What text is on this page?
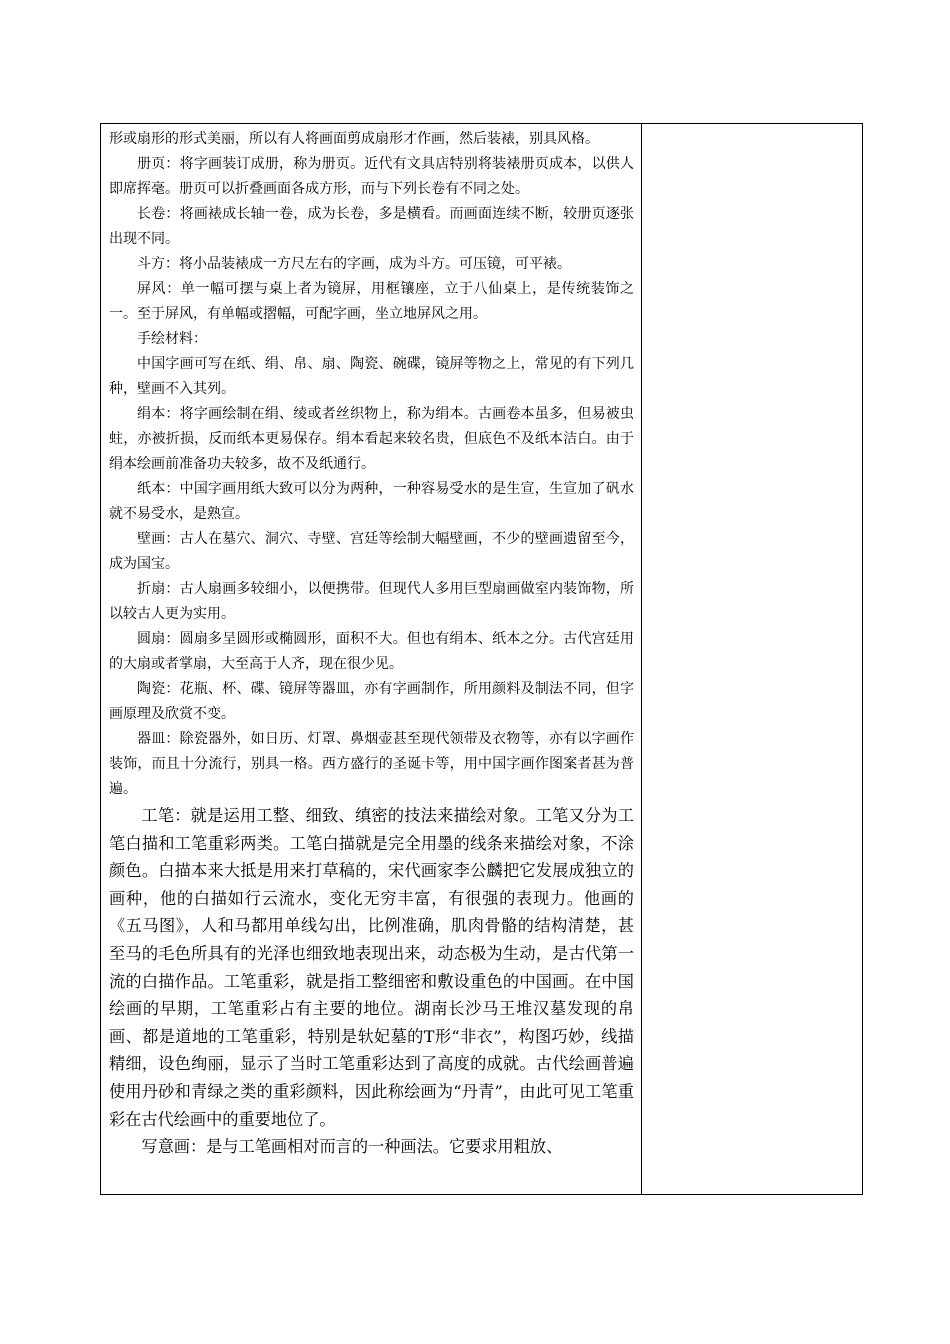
形或扇形的形式美丽，所以有人将画面剪成扇形才作画，然后装裱，别具风格。

册页：将字画装订成册，称为册页。近代有文具店特别将装裱册页成本，以供人即席挥毫。册页可以折叠画面各成方形，而与下列长卷有不同之处。

长卷：将画裱成长轴一卷，成为长卷，多是横看。而画面连续不断，较册页逐张出现不同。

斗方：将小品装裱成一方尺左右的字画，成为斗方。可压镜，可平裱。

屏风：单一幅可摆与桌上者为镜屏，用框镶座，立于八仙桌上，是传统装饰之一。至于屏风，有单幅或摺幅，可配字画，坐立地屏风之用。

手绘材料：

中国字画可写在纸、绢、帛、扇、陶瓷、碗碟，镜屏等物之上，常见的有下列几种，壁画不入其列。

绢本：将字画绘制在绢、绫或者丝织物上，称为绢本。古画卷本虽多，但易被虫蛀，亦被折损，反而纸本更易保存。绢本看起来较名贵，但底色不及纸本洁白。由于绢本绘画前准备功夫较多，故不及纸通行。

纸本：中国字画用纸大致可以分为两种，一种容易受水的是生宣，生宣加了矾水就不易受水，是熟宣。

壁画：古人在墓穴、洞穴、寺壁、宫廷等绘制大幅壁画，不少的壁画遗留至今，成为国宝。

折扇：古人扇画多较细小，以便携带。但现代人多用巨型扇画做室内装饰物，所以较古人更为实用。

圆扇：圆扇多呈圆形或椭圆形，面积不大。但也有绢本、纸本之分。古代宫廷用的大扇或者掌扇，大至高于人齐，现在很少见。

陶瓷：花瓶、杯、碟、镜屏等器皿，亦有字画制作，所用颜料及制法不同，但字画原理及欣赏不变。

器皿：除瓷器外，如日历、灯罩、鼻烟壶甚至现代领带及衣物等，亦有以字画作装饰，而且十分流行，别具一格。西方盛行的圣诞卡等，用中国字画作图案者甚为普遍。

工笔：就是运用工整、细致、缜密的技法来描绘对象。工笔又分为工笔白描和工笔重彩两类。工笔白描就是完全用墨的线条来描绘对象，不涂颜色。白描本来大抵是用来打草稿的，宋代画家李公麟把它发展成独立的画种，他的白描如行云流水，变化无穷丰富，有很强的表现力。他画的《五马图》，人和马都用单线勾出，比例准确，肌肉骨骼的结构清楚，甚至马的毛色所具有的光泽也细致地表现出来，动态极为生动，是古代第一流的白描作品。工笔重彩，就是指工整细密和敷设重色的中国画。在中国绘画的早期，工笔重彩占有主要的地位。湖南长沙马王堆汉墓发现的帛画、都是道地的工笔重彩，特别是轪妃墓的T形“非衣”，构图巧妙，线描精细，设色绚丽，显示了当时工笔重彩达到了高度的成就。古代绘画普遍使用丹砂和青绿之类的重彩颜料，因此称绘画为“丹青”，由此可见工笔重彩在古代绘画中的重要地位了。

写意画：是与工笔画相对而言的一种画法。它要求用粗放、
